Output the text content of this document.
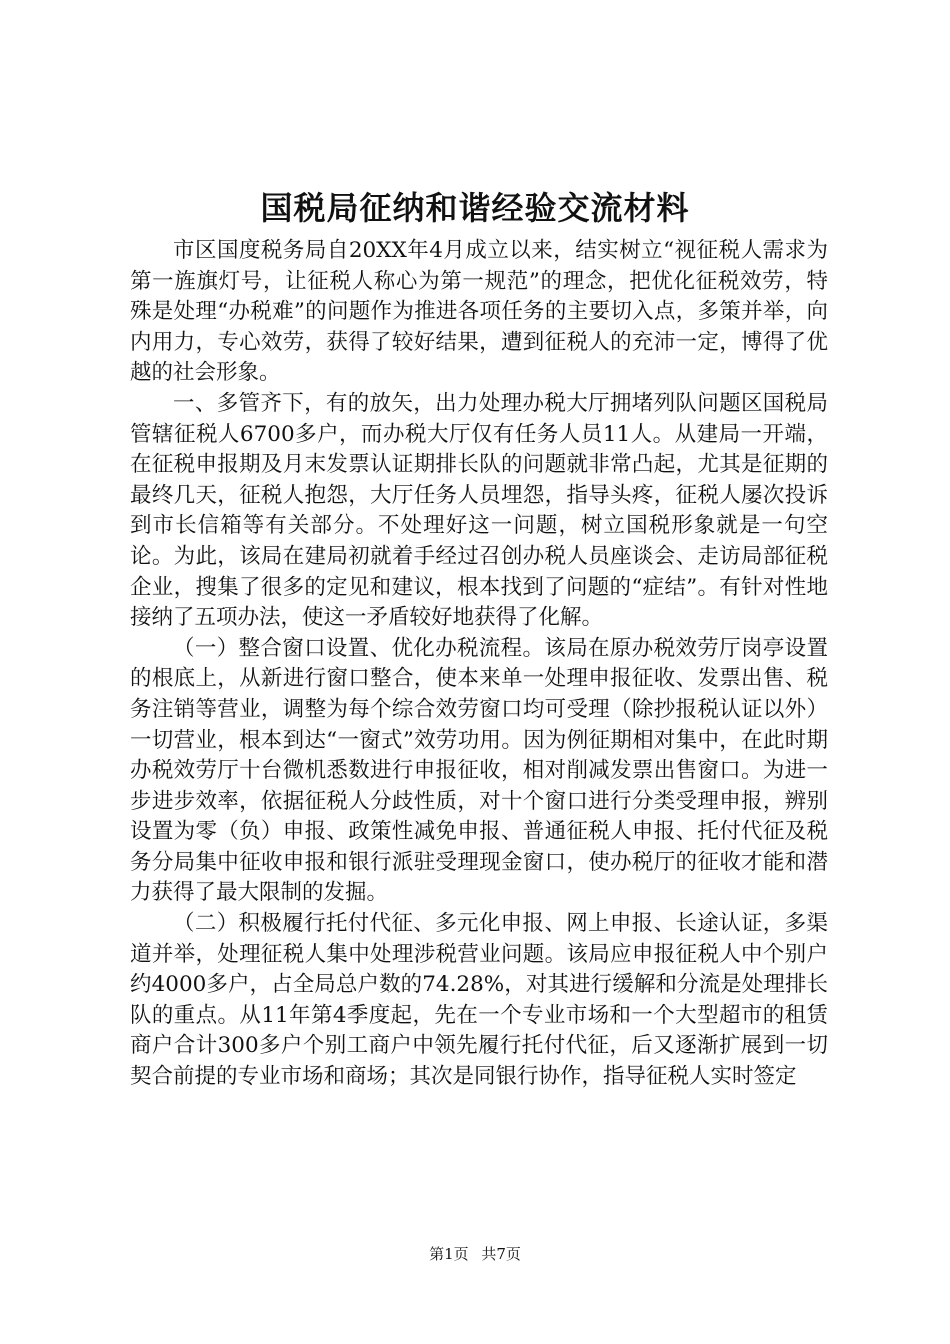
国税局征纳和谐经验交流材料

市区国度税务局自20XX年4月成立以来，结实树立“视征税人需求为第一旌旗灯号，让征税人称心为第一规范”的理念，把优化征税效劳，特殊是处理“办税难”的问题作为推进各项任务的主要切入点，多策并举，向内用力，专心效劳，获得了较好结果，遭到征税人的充沛一定，博得了优越的社会形象。

一、多管齐下，有的放矢，出力处理办税大厅拥堵列队问题区国税局管辖征税人6700多户，而办税大厅仅有任务人员11人。从建局一开端，在征税申报期及月末发票认证期排长队的问题就非常凸起，尤其是征期的最终几天，征税人抱怨，大厅任务人员埋怨，指导头疼，征税人屡次投诉到市长信箱等有关部分。不处理好这一问题，树立国税形象就是一句空论。为此，该局在建局初就着手经过召创办税人员座谈会、走访局部征税企业，搜集了很多的定见和建议，根本找到了问题的“症结”。有针对性地接纳了五项办法，使这一矛盾较好地获得了化解。

（一）整合窗口设置、优化办税流程。该局在原办税效劳厅岗亭设置的根底上，从新进行窗口整合，使本来单一处理申报征收、发票出售、税务注销等营业，调整为每个综合效劳窗口均可受理（除抄报税认证以外）一切营业，根本到达“一窗式”效劳功用。因为例征期相对集中，在此时期办税效劳厅十台微机悉数进行申报征收，相对削减发票出售窗口。为进一步进步效率，依据征税人分歧性质，对十个窗口进行分类受理申报，辨别设置为零（负）申报、政策性减免申报、普通征税人申报、托付代征及税务分局集中征收申报和银行派驻受理现金窗口，使办税厅的征收才能和潜力获得了最大限制的发掘。

（二）积极履行托付代征、多元化申报、网上申报、长途认证，多渠道并举，处理征税人集中处理涉税营业问题。该局应申报征税人中个别户约4000多户，占全局总户数的74.28%，对其进行缓解和分流是处理排长队的重点。从11年第4季度起，先在一个专业市场和一个大型超市的租赁商户合计300多户个别工商户中领先履行托付代征，后又逐渐扩展到一切契合前提的专业市场和商场；其次是同银行协作，指导征税人实时签定

第1页 共7页
